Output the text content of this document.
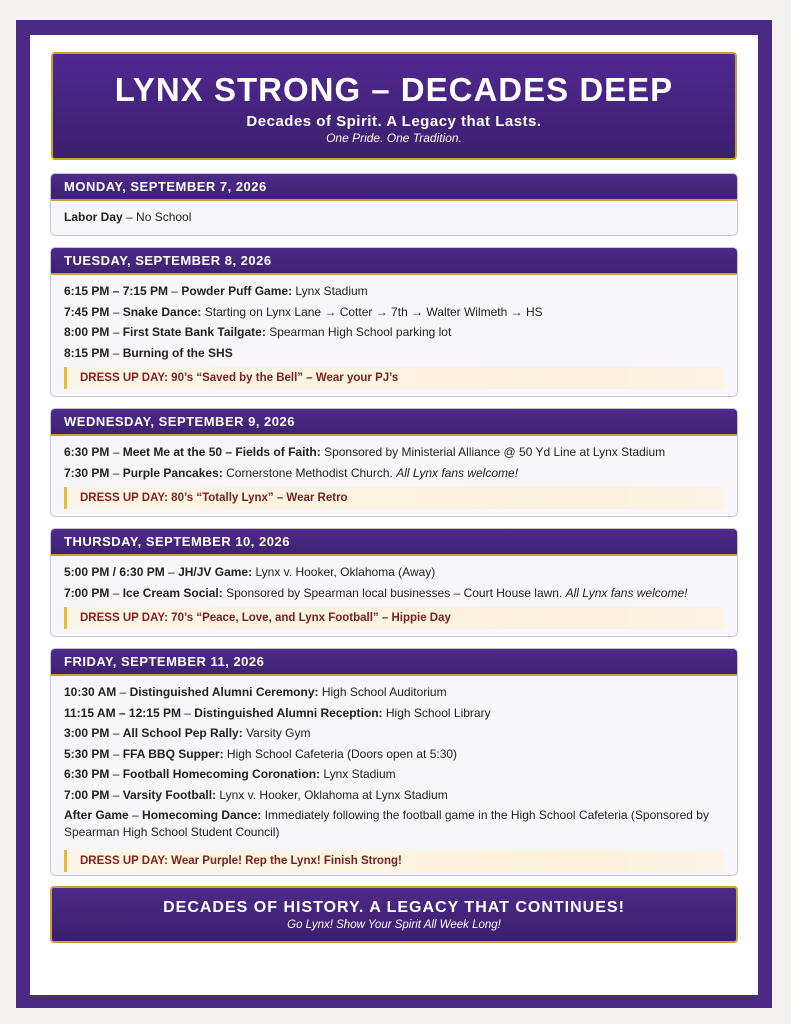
LYNX STRONG – DECADES DEEP
Decades of Spirit. A Legacy that Lasts.
One Pride. One Tradition.
MONDAY, SEPTEMBER 7, 2026
Labor Day – No School
TUESDAY, SEPTEMBER 8, 2026
6:15 PM – 7:15 PM – Powder Puff Game: Lynx Stadium
7:45 PM – Snake Dance: Starting on Lynx Lane → Cotter → 7th → Walter Wilmeth → HS
8:00 PM – First State Bank Tailgate: Spearman High School parking lot
8:15 PM – Burning of the SHS
DRESS UP DAY: 90’s “Saved by the Bell” – Wear your PJ’s
WEDNESDAY, SEPTEMBER 9, 2026
6:30 PM – Meet Me at the 50 – Fields of Faith: Sponsored by Ministerial Alliance @ 50 Yd Line at Lynx Stadium
7:30 PM – Purple Pancakes: Cornerstone Methodist Church. All Lynx fans welcome!
DRESS UP DAY: 80’s “Totally Lynx” – Wear Retro
THURSDAY, SEPTEMBER 10, 2026
5:00 PM / 6:30 PM – JH/JV Game: Lynx v. Hooker, Oklahoma (Away)
7:00 PM – Ice Cream Social: Sponsored by Spearman local businesses – Court House lawn. All Lynx fans welcome!
DRESS UP DAY: 70’s “Peace, Love, and Lynx Football” – Hippie Day
FRIDAY, SEPTEMBER 11, 2026
10:30 AM – Distinguished Alumni Ceremony: High School Auditorium
11:15 AM – 12:15 PM – Distinguished Alumni Reception: High School Library
3:00 PM – All School Pep Rally: Varsity Gym
5:30 PM – FFA BBQ Supper: High School Cafeteria (Doors open at 5:30)
6:30 PM – Football Homecoming Coronation: Lynx Stadium
7:00 PM – Varsity Football: Lynx v. Hooker, Oklahoma at Lynx Stadium
After Game – Homecoming Dance: Immediately following the football game in the High School Cafeteria (Sponsored by Spearman High School Student Council)
DRESS UP DAY: Wear Purple! Rep the Lynx! Finish Strong!
DECADES OF HISTORY. A LEGACY THAT CONTINUES!
Go Lynx! Show Your Spirit All Week Long!
